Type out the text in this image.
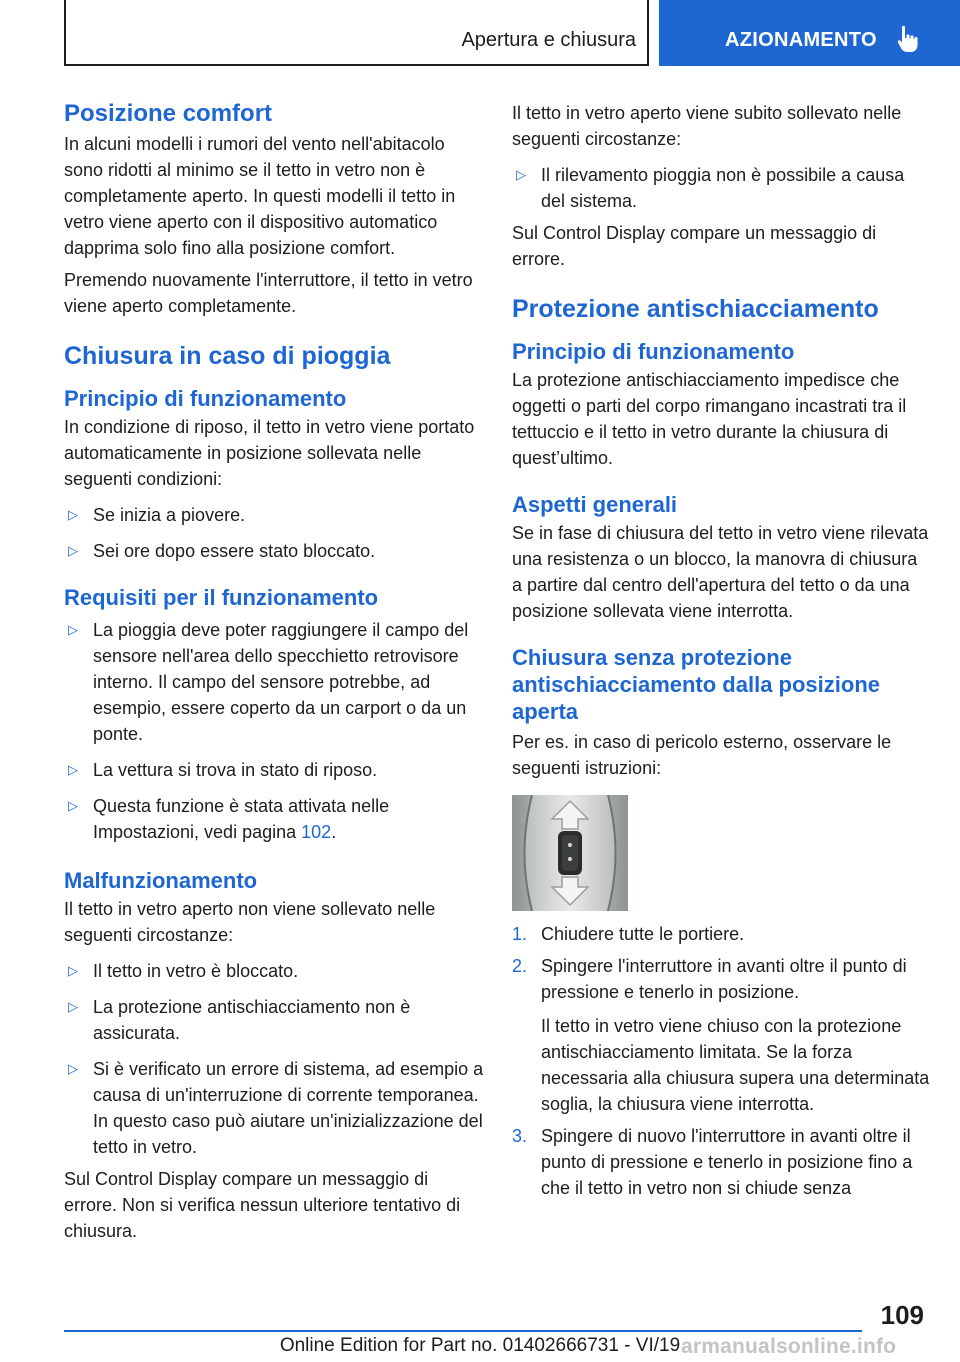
Apertura e chiusura	AZIONAMENTO
Posizione comfort

In alcuni modelli i rumori del vento nell'abitacolo sono ridotti al minimo se il tetto in vetro non è completamente aperto. In questi modelli il tetto in vetro viene aperto con il dispositivo automatico dapprima solo fino alla posizione comfort.

Premendo nuovamente l'interruttore, il tetto in vetro viene aperto completamente.

Chiusura in caso di pioggia
Principio di funzionamento

In condizione di riposo, il tetto in vetro viene portato automaticamente in posizione sollevata nelle seguenti condizioni:

▷ Se inizia a piovere.
▷ Sei ore dopo essere stato bloccato.
Requisiti per il funzionamento
▷ La pioggia deve poter raggiungere il campo del sensore nell'area dello specchietto retrovisore interno. Il campo del sensore potrebbe, ad esempio, essere coperto da un carport o da un ponte.
▷ La vettura si trova in stato di riposo.
▷ Questa funzione è stata attivata nelle Impostazioni, vedi pagina 102.
Malfunzionamento

Il tetto in vetro aperto non viene sollevato nelle seguenti circostanze:

▷ Il tetto in vetro è bloccato.
▷ La protezione antischiacciamento non è assicurata.
▷ Si è verificato un errore di sistema, ad esempio a causa di un'interruzione di corrente temporanea. In questo caso può aiutare un'inizializzazione del tetto in vetro.

Sul Control Display compare un messaggio di errore. Non si verifica nessun ulteriore tentativo di chiusura.

Il tetto in vetro aperto viene subito sollevato nelle seguenti circostanze:

▷ Il rilevamento pioggia non è possibile a causa del sistema.

Sul Control Display compare un messaggio di errore.

Protezione antischiacciamento
Principio di funzionamento

La protezione antischiacciamento impedisce che oggetti o parti del corpo rimangano incastrati tra il tettuccio e il tetto in vetro durante la chiusura di quest’ultimo.

Aspetti generali

Se in fase di chiusura del tetto in vetro viene rilevata una resistenza o un blocco, la manovra di chiusura a partire dal centro dell'apertura del tetto o da una posizione sollevata viene interrotta.

Chiusura senza protezione antischiacciamento dalla posizione aperta

Per es. in caso di pericolo esterno, osservare le seguenti istruzioni:

1. Chiudere tutte le portiere.
2. Spingere l'interruttore in avanti oltre il punto di pressione e tenerlo in posizione.
Il tetto in vetro viene chiuso con la protezione antischiacciamento limitata. Se la forza necessaria alla chiusura supera una determinata soglia, la chiusura viene interrotta.
3. Spingere di nuovo l'interruttore in avanti oltre il punto di pressione e tenerlo in posizione fino a che il tetto in vetro non si chiude senza
109
Online Edition for Part no. 01402666731 - VI/19 armanualsonline.info
